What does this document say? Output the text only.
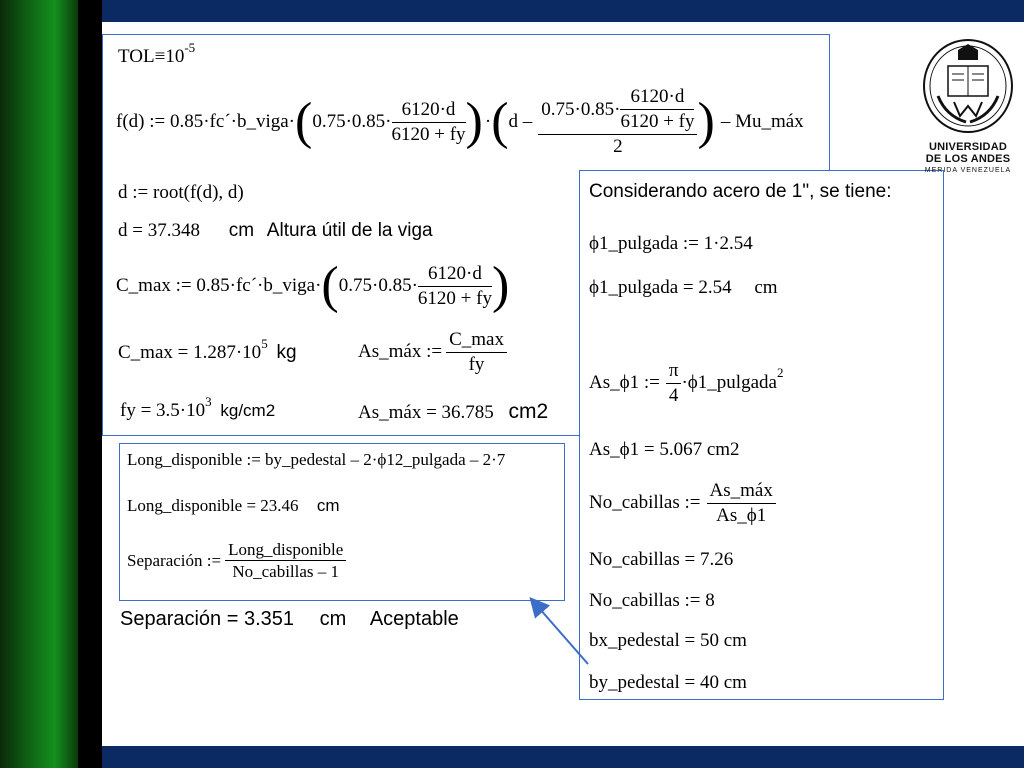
$TOL\equiv 10^{-5}$
f(d) := 0.85·fc´·b_viga· ( $0.75\cdot 0.85\cdot \frac{6120\cdot d}{6120 + fy}$ ) · ( d – $\frac{0.75\cdot 0.85\cdot \frac{6120\cdot d}{6120 + fy}}{2}$ ) – Mu_máx
d := root(f(d), d)
d = 37.348 cm Altura útil de la viga
C_max := 0.85·fc´·b_viga· ( $0.75\cdot 0.85\cdot \frac{6120\cdot d}{6120 + fy}$ )
C_max = $1.287\cdot 10^5$ kg	As_máx := $\frac{C\_\max}{fy}$
fy = $3.5\cdot 10^3$ kg/cm2	As_máx = 36.785 cm2
Long_disponible := by_pedestal – 2·ϕ12_pulgada – 2·7
Long_disponible = 23.46 cm
Separación := $\frac{\text{Long\_disponible}}{\text{No\_cabillas – 1}}$
Separación = 3.351 cm Aceptable
Considerando acero de 1", se tiene:
ϕ1_pulgada := 1·2.54
ϕ1_pulgada = 2.54 cm
As_ϕ1 := $\frac{\pi}{4}$ ·ϕ1_pulgada 2
As_ϕ1 = 5.067 cm2
No_cabillas := $\frac{\text{As\_máx}}{As\_\phi 1}$
No_cabillas = 7.26
No_cabillas := 8
bx_pedestal = 50 cm
by_pedestal = 40 cm
UNIVERSIDAD
DE LOS ANDES
MERIDA VENEZUELA
